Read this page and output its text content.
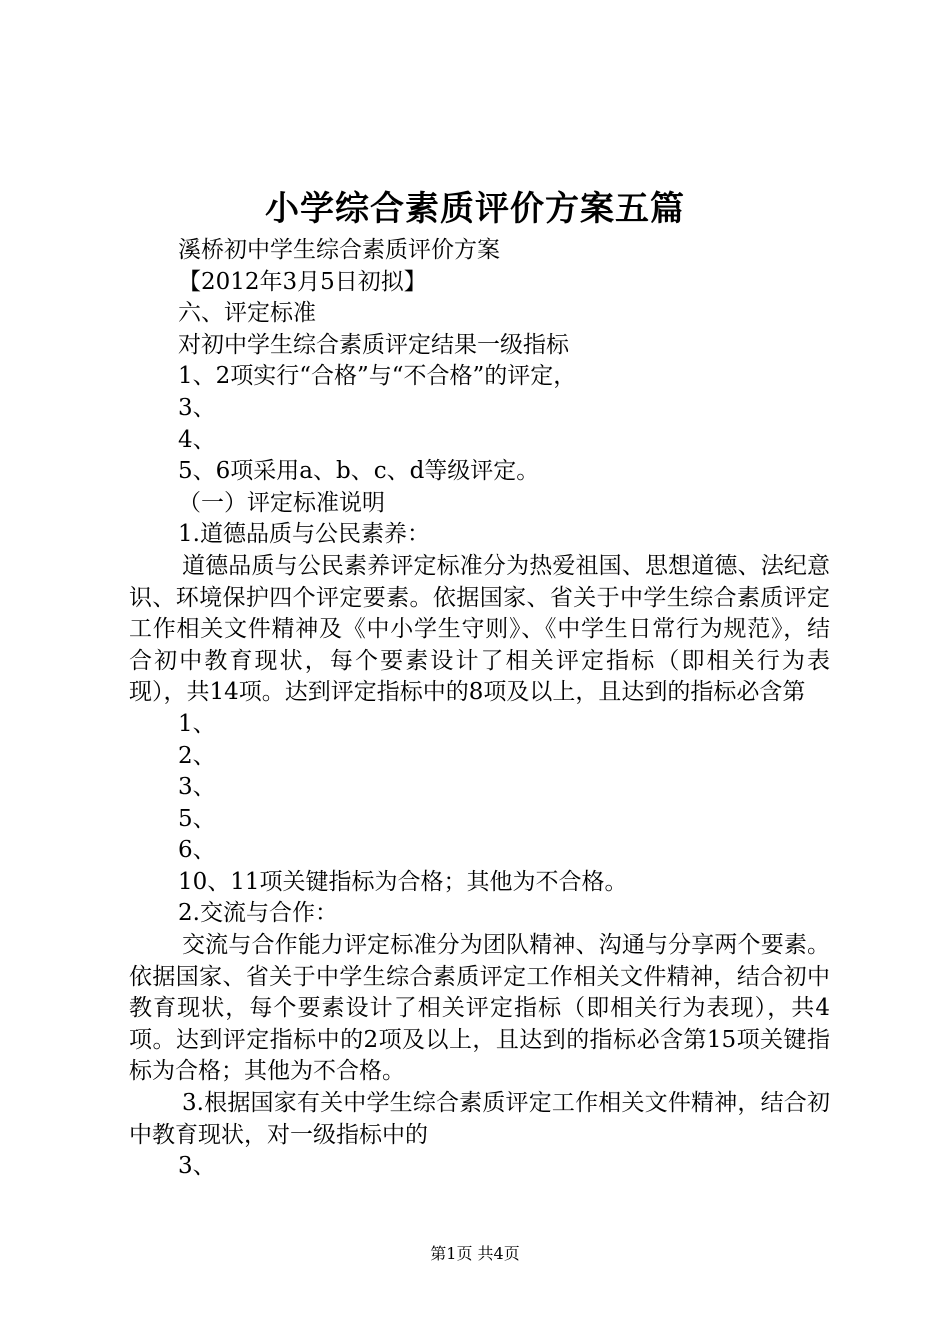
小学综合素质评价方案五篇
溪桥初中学生综合素质评价方案
【2012年3月5日初拟】
六、评定标准
对初中学生综合素质评定结果一级指标
1、2项实行“合格”与“不合格”的评定，
3、
4、
5、6项采用a、b、c、d等级评定。
（一）评定标准说明
1.道德品质与公民素养：
道德品质与公民素养评定标准分为热爱祖国、思想道德、法纪意识、环境保护四个评定要素。依据国家、省关于中学生综合素质评定工作相关文件精神及《中小学生守则》、《中学生日常行为规范》，结合初中教育现状，每个要素设计了相关评定指标（即相关行为表现），共14项。达到评定指标中的8项及以上，且达到的指标必含第
1、
2、
3、
5、
6、
10、11项关键指标为合格；其他为不合格。
2.交流与合作：
交流与合作能力评定标准分为团队精神、沟通与分享两个要素。依据国家、省关于中学生综合素质评定工作相关文件精神，结合初中教育现状，每个要素设计了相关评定指标（即相关行为表现），共4项。达到评定指标中的2项及以上，且达到的指标必含第15项关键指标为合格；其他为不合格。
3.根据国家有关中学生综合素质评定工作相关文件精神，结合初中教育现状，对一级指标中的
3、
第1页 共4页
